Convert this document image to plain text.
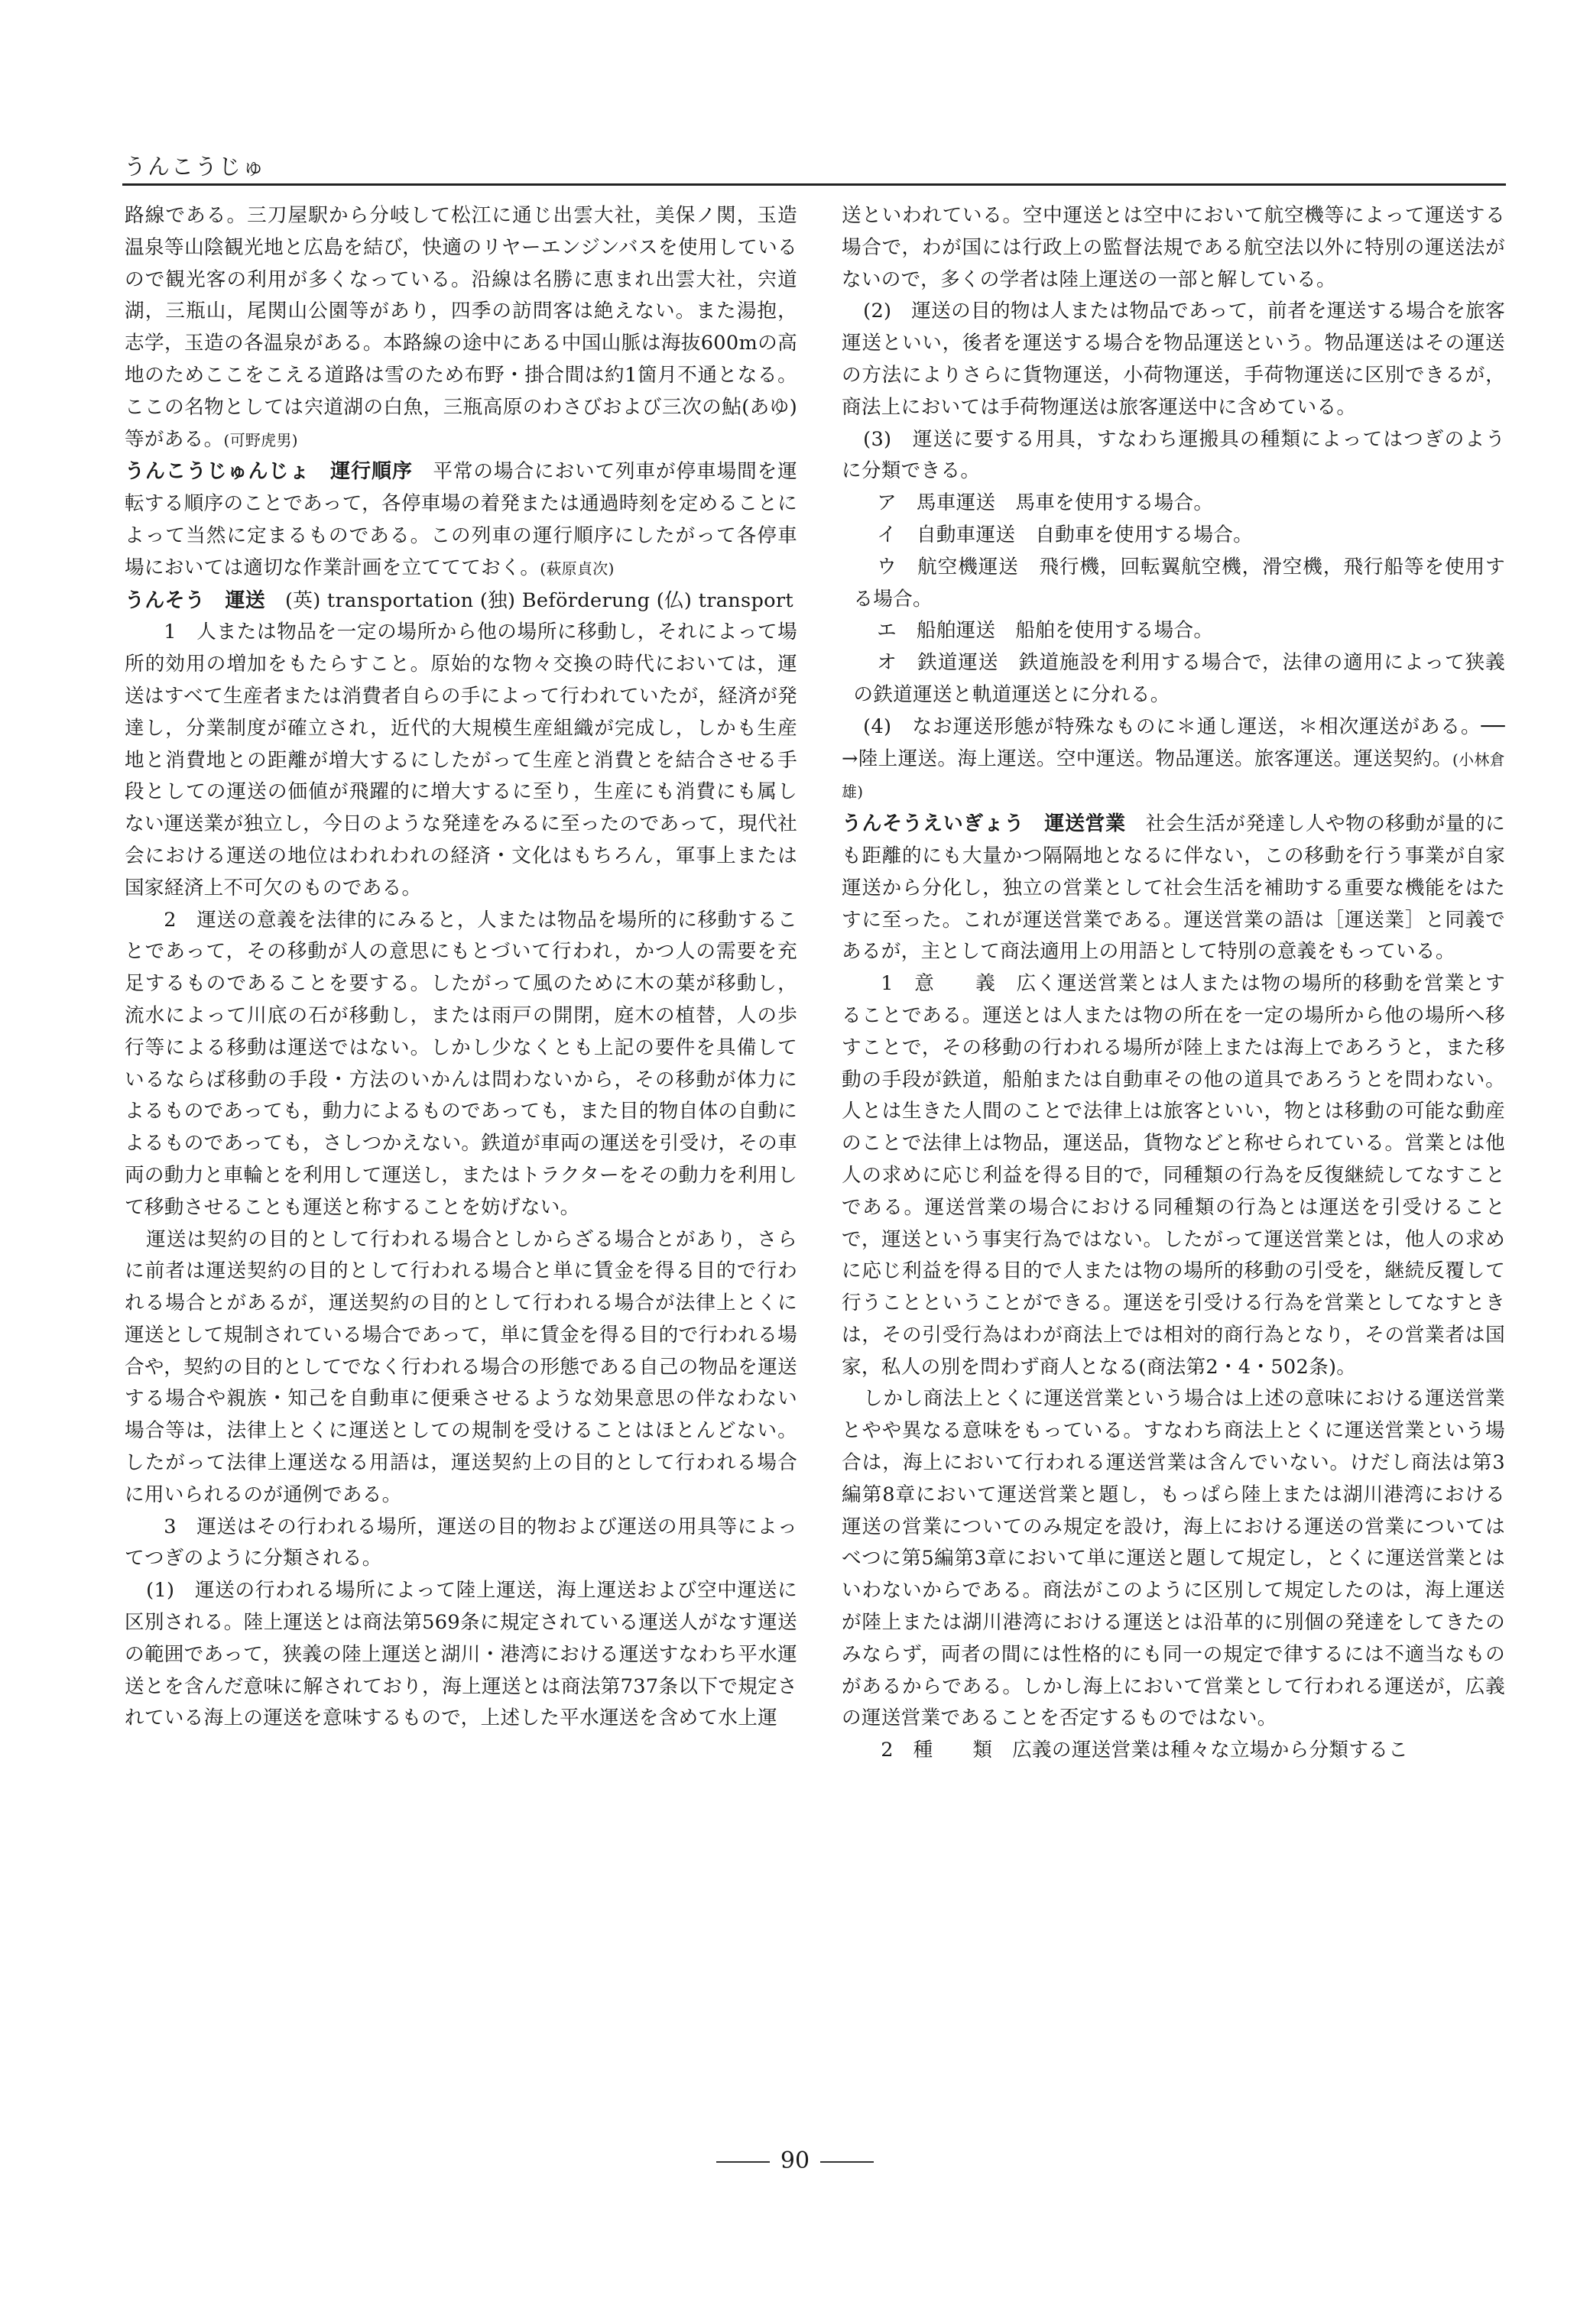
うんこうじゅ

路線である。三刀屋駅から分岐して松江に通じ出雲大社，美保ノ関，玉造温泉等山陰観光地と広島を結び，快適のリヤーエンジンバスを使用しているので観光客の利用が多くなっている。沿線は名勝に恵まれ出雲大社，宍道湖，三瓶山，尾関山公園等があり，四季の訪問客は絶えない。また湯抱，志学，玉造の各温泉がある。本路線の途中にある中国山脈は海抜600mの高地のためここをこえる道路は雪のため布野・掛合間は約1箇月不通となる。ここの名物としては宍道湖の白魚，三瓶高原のわさびおよび三次の鮎(あゆ)等がある。(可野虎男)

うんこうじゅんじょ　運行順序　 平常の場合において列車が停車場間を運転する順序のことであって，各停車場の着発または通過時刻を定めることによって当然に定まるものである。この列車の運行順序にしたがって各停車場においては適切な作業計画を立ててておく。(萩原貞次)

うんそう　運送　 (英) transportation (独) Beförderung (仏) transport

1　人または物品を一定の場所から他の場所に移動し，それによって場所的効用の増加をもたらすこと。原始的な物々交換の時代においては，運送はすべて生産者または消費者自らの手によって行われていたが，経済が発達し，分業制度が確立され，近代的大規模生産組織が完成し，しかも生産地と消費地との距離が増大するにしたがって生産と消費とを結合させる手段としての運送の価値が飛躍的に増大するに至り，生産にも消費にも属しない運送業が独立し，今日のような発達をみるに至ったのであって，現代社会における運送の地位はわれわれの経済・文化はもちろん，軍事上または国家経済上不可欠のものである。

2　運送の意義を法律的にみると，人または物品を場所的に移動することであって，その移動が人の意思にもとづいて行われ，かつ人の需要を充足するものであることを要する。したがって風のために木の葉が移動し，流水によって川底の石が移動し，または雨戸の開閉，庭木の植替，人の歩行等による移動は運送ではない。しかし少なくとも上記の要件を具備しているならば移動の手段・方法のいかんは問わないから，その移動が体力によるものであっても，動力によるものであっても，また目的物自体の自動によるものであっても，さしつかえない。鉄道が車両の運送を引受け，その車両の動力と車輪とを利用して運送し，またはトラクターをその動力を利用して移動させることも運送と称することを妨げない。

運送は契約の目的として行われる場合としからざる場合とがあり，さらに前者は運送契約の目的として行われる場合と単に賃金を得る目的で行われる場合とがあるが，運送契約の目的として行われる場合が法律上とくに運送として規制されている場合であって，単に賃金を得る目的で行われる場合や，契約の目的としてでなく行われる場合の形態である自己の物品を運送する場合や親族・知己を自動車に便乗させるような効果意思の伴なわない場合等は，法律上とくに運送としての規制を受けることはほとんどない。したがって法律上運送なる用語は，運送契約上の目的として行われる場合に用いられるのが通例である。

3　運送はその行われる場所，運送の目的物および運送の用具等によってつぎのように分類される。

(1)　運送の行われる場所によって陸上運送，海上運送および空中運送に区別される。陸上運送とは商法第569条に規定されている運送人がなす運送の範囲であって，狭義の陸上運送と湖川・港湾における運送すなわち平水運送とを含んだ意味に解されており，海上運送とは商法第737条以下で規定されている海上の運送を意味するもので，上述した平水運送を含めて水上運

送といわれている。空中運送とは空中において航空機等によって運送する場合で，わが国には行政上の監督法規である航空法以外に特別の運送法がないので，多くの学者は陸上運送の一部と解している。

(2)　運送の目的物は人または物品であって，前者を運送する場合を旅客運送といい，後者を運送する場合を物品運送という。物品運送はその運送の方法によりさらに貨物運送，小荷物運送，手荷物運送に区別できるが，商法上においては手荷物運送は旅客運送中に含めている。

(3)　運送に要する用具，すなわち運搬具の種類によってはつぎのように分類できる。

ア　馬車運送　馬車を使用する場合。

イ　自動車運送　自動車を使用する場合。

ウ　航空機運送　飛行機，回転翼航空機，滑空機，飛行船等を使用する場合。

エ　船舶運送　船舶を使用する場合。

オ　鉄道運送　鉄道施設を利用する場合で，法律の適用によって狭義の鉄道運送と軌道運送とに分れる。

(4)　なお運送形態が特殊なものに＊通し運送，＊相次運送がある。──→陸上運送。海上運送。空中運送。物品運送。旅客運送。運送契約。(小林倉雄)

うんそうえいぎょう　運送営業　 社会生活が発達し人や物の移動が量的にも距離的にも大量かつ隔隔地となるに伴ない，この移動を行う事業が自家運送から分化し，独立の営業として社会生活を補助する重要な機能をはたすに至った。これが運送営業である。運送営業の語は［運送業］と同義であるが，主として商法適用上の用語として特別の意義をもっている。

1　意　　義　広く運送営業とは人または物の場所的移動を営業とすることである。運送とは人または物の所在を一定の場所から他の場所へ移すことで，その移動の行われる場所が陸上または海上であろうと，また移動の手段が鉄道，船舶または自動車その他の道具であろうとを問わない。人とは生きた人間のことで法律上は旅客といい，物とは移動の可能な動産のことで法律上は物品，運送品，貨物などと称せられている。営業とは他人の求めに応じ利益を得る目的で，同種類の行為を反復継続してなすことである。運送営業の場合における同種類の行為とは運送を引受けることで，運送という事実行為ではない。したがって運送営業とは，他人の求めに応じ利益を得る目的で人または物の場所的移動の引受を，継続反覆して行うことということができる。運送を引受ける行為を営業としてなすときは，その引受行為はわが商法上では相対的商行為となり，その営業者は国家，私人の別を問わず商人となる(商法第2・4・502条)。

しかし商法上とくに運送営業という場合は上述の意味における運送営業とやや異なる意味をもっている。すなわち商法上とくに運送営業という場合は，海上において行われる運送営業は含んでいない。けだし商法は第3編第8章において運送営業と題し，もっぱら陸上または湖川港湾における運送の営業についてのみ規定を設け，海上における運送の営業についてはべつに第5編第3章において単に運送と題して規定し，とくに運送営業とはいわないからである。商法がこのように区別して規定したのは，海上運送が陸上または湖川港湾における運送とは沿革的に別個の発達をしてきたのみならず，両者の間には性格的にも同一の規定で律するには不適当なものがあるからである。しかし海上において営業として行われる運送が，広義の運送営業であることを否定するものではない。

2　種　　類　広義の運送営業は種々な立場から分類するこ

90
